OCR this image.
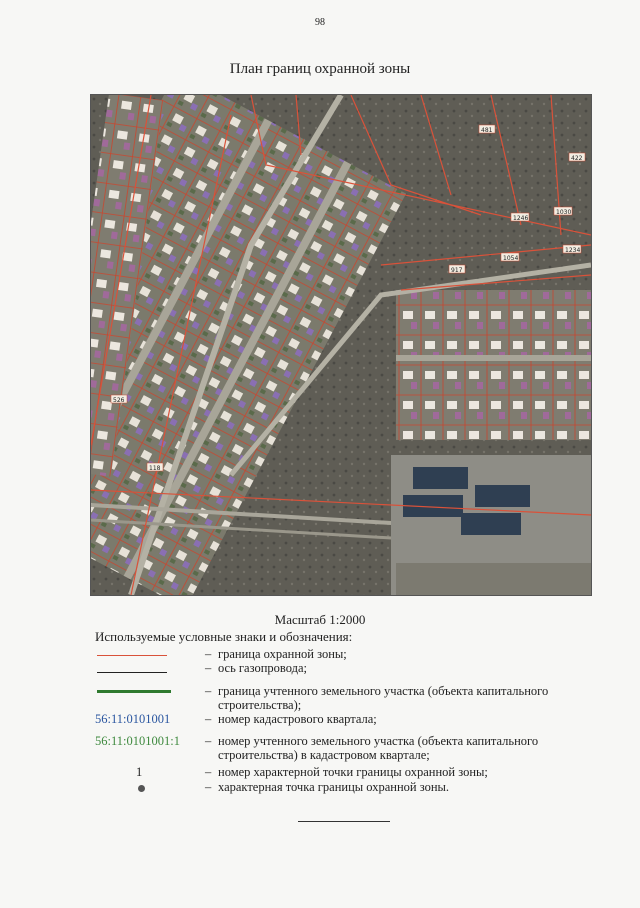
98
План границ охранной зоны
481
1246
1054
1030
422
1234
917
526
118
Масштаб 1:2000
Используемые условные знаки и обозначения:
– граница охранной зоны;
– ось газопровода;
– граница учтенного земельного участка (объекта капитального строительства);
56:11:0101001	– номер кадастрового квартала;
56:11:0101001:1 – номер учтенного земельного участка (объекта капитального строительства) в кадастровом квартале;
1	– номер характерной точки границы охранной зоны;
– характерная точка границы охранной зоны.
